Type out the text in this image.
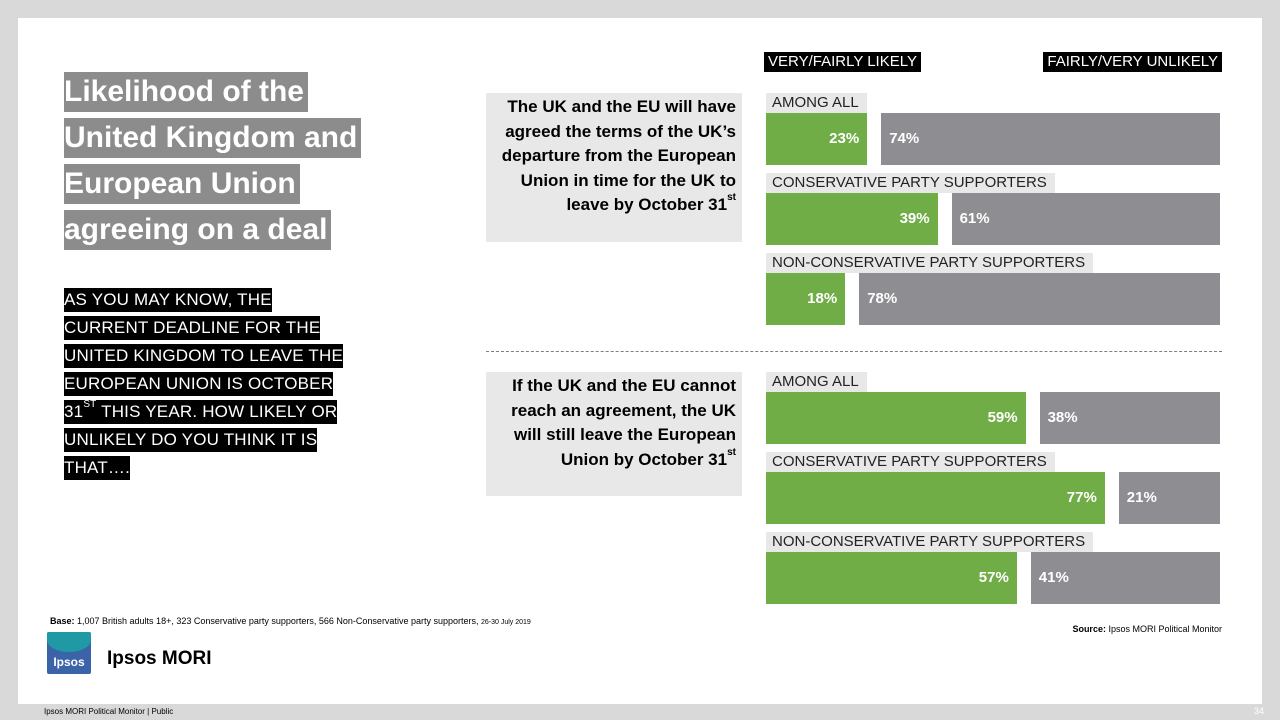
Likelihood of the
United Kingdom and
European Union
agreeing on a deal
AS YOU MAY KNOW, THE
CURRENT DEADLINE FOR THE
UNITED KINGDOM TO LEAVE THE
EUROPEAN UNION IS OCTOBER
31ST THIS YEAR. HOW LIKELY OR
UNLIKELY DO YOU THINK IT IS
THAT….
VERY/FAIRLY LIKELY	FAIRLY/VERY UNLIKELY
The UK and the EU will have agreed the terms of the UK’s departure from the European Union in time for the UK to leave by October 31st
If the UK and the EU cannot reach an agreement, the UK will still leave the European Union by October 31st
AMONG ALL
23%	74%
CONSERVATIVE PARTY SUPPORTERS
39%	61%
NON-CONSERVATIVE PARTY SUPPORTERS
18%	78%
AMONG ALL
59%	38%
CONSERVATIVE PARTY SUPPORTERS
77%	21%
NON-CONSERVATIVE PARTY SUPPORTERS
57%	41%
Base: 1,007 British adults 18+, 323 Conservative party supporters, 566 Non-Conservative party supporters, 26-30 July 2019
Source: Ipsos MORI Political Monitor
Ipsos	Ipsos MORI
Ipsos MORI Political Monitor | Public	34
